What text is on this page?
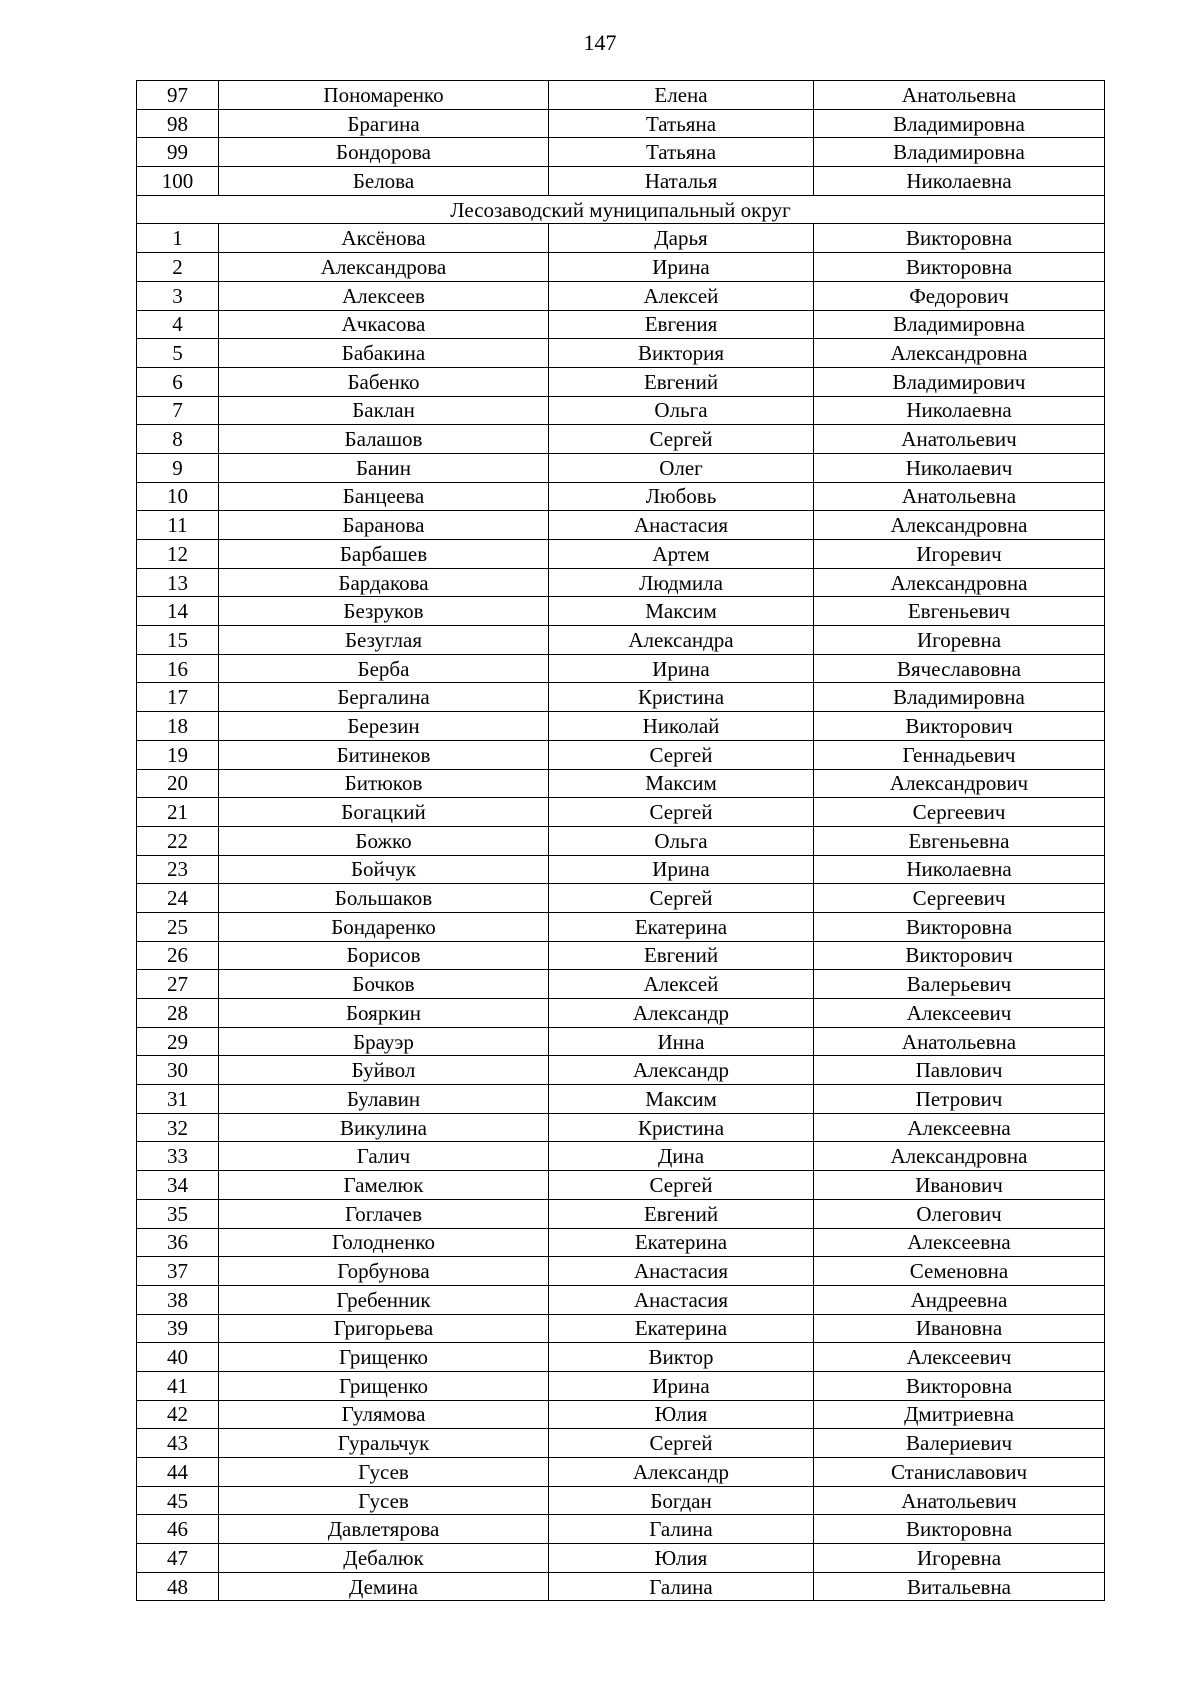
147
97	Пономаренко	Елена	Анатольевна
98	Брагина	Татьяна	Владимировна
99	Бондорова	Татьяна	Владимировна
100	Белова	Наталья	Николаевна
Лесозаводский муниципальный округ			
1	Аксёнова	Дарья	Викторовна
2	Александрова	Ирина	Викторовна
3	Алексеев	Алексей	Федорович
4	Ачкасова	Евгения	Владимировна
5	Бабакина	Виктория	Александровна
6	Бабенко	Евгений	Владимирович
7	Баклан	Ольга	Николаевна
8	Балашов	Сергей	Анатольевич
9	Банин	Олег	Николаевич
10	Банцеева	Любовь	Анатольевна
11	Баранова	Анастасия	Александровна
12	Барбашев	Артем	Игоревич
13	Бардакова	Людмила	Александровна
14	Безруков	Максим	Евгеньевич
15	Безуглая	Александра	Игоревна
16	Берба	Ирина	Вячеславовна
17	Бергалина	Кристина	Владимировна
18	Березин	Николай	Викторович
19	Битинеков	Сергей	Геннадьевич
20	Битюков	Максим	Александрович
21	Богацкий	Сергей	Сергеевич
22	Божко	Ольга	Евгеньевна
23	Бойчук	Ирина	Николаевна
24	Большаков	Сергей	Сергеевич
25	Бондаренко	Екатерина	Викторовна
26	Борисов	Евгений	Викторович
27	Бочков	Алексей	Валерьевич
28	Бояркин	Александр	Алексеевич
29	Брауэр	Инна	Анатольевна
30	Буйвол	Александр	Павлович
31	Булавин	Максим	Петрович
32	Викулина	Кристина	Алексеевна
33	Галич	Дина	Александровна
34	Гамелюк	Сергей	Иванович
35	Гоглачев	Евгений	Олегович
36	Голодненко	Екатерина	Алексеевна
37	Горбунова	Анастасия	Семеновна
38	Гребенник	Анастасия	Андреевна
39	Григорьева	Екатерина	Ивановна
40	Грищенко	Виктор	Алексеевич
41	Грищенко	Ирина	Викторовна
42	Гулямова	Юлия	Дмитриевна
43	Гуральчук	Сергей	Валериевич
44	Гусев	Александр	Станиславович
45	Гусев	Богдан	Анатольевич
46	Давлетярова	Галина	Викторовна
47	Дебалюк	Юлия	Игоревна
48	Демина	Галина	Витальевна
